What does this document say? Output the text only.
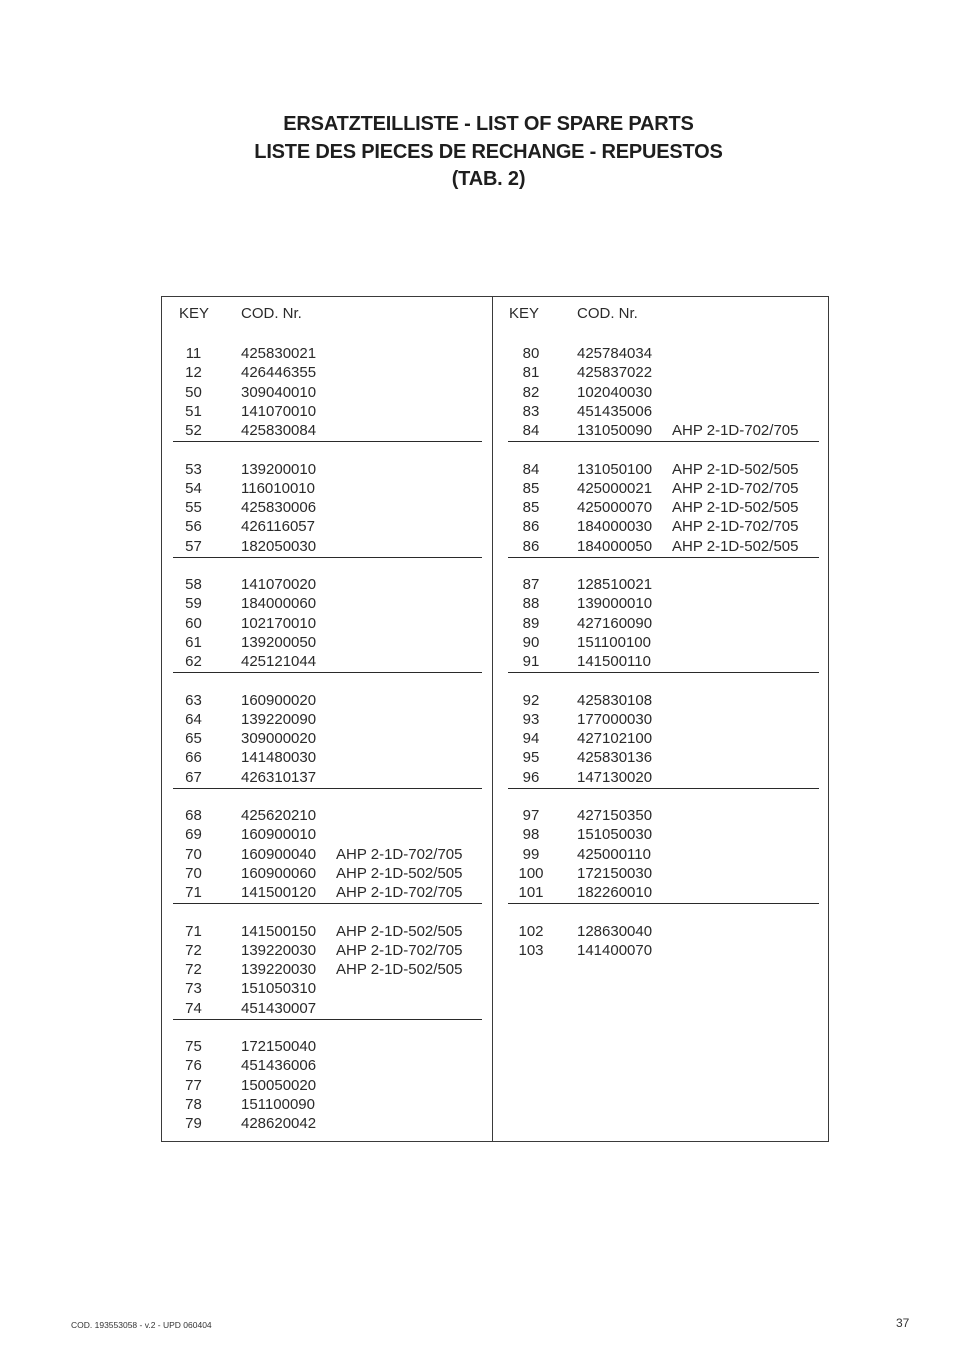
ERSATZTEILLISTE - LIST OF SPARE PARTS
LISTE DES PIECES DE RECHANGE - REPUESTOS
(TAB. 2)
KEY COD. Nr.
11	425830021
12	426446355
50	309040010
51	141070010
52	425830084
53	139200010
54	116010010
55	425830006
56	426116057
57	182050030
58	141070020
59	184000060
60	102170010
61	139200050
62	425121044
63	160900020
64	139220090
65	309000020
66	141480030
67	426310137
68	425620210
69	160900010
70	160900040 AHP 2-1D-702/705
70	160900060 AHP 2-1D-502/505
71	141500120 AHP 2-1D-702/705
71	141500150 AHP 2-1D-502/505
72	139220030 AHP 2-1D-702/705
72	139220030 AHP 2-1D-502/505
73	151050310
74	451430007
75	172150040
76	451436006
77	150050020
78	151100090
79	428620042
KEY	COD. Nr.
80	425784034
81	425837022
82	102040030
83	451435006
84	131050090 AHP 2-1D-702/705
84	131050100 AHP 2-1D-502/505
85	425000021 AHP 2-1D-702/705
85	425000070 AHP 2-1D-502/505
86	184000030 AHP 2-1D-702/705
86	184000050 AHP 2-1D-502/505
87	128510021
88	139000010
89	427160090
90	151100100
91	141500110
92	425830108
93	177000030
94	427102100
95	425830136
96	147130020
97	427150350
98	151050030
99	425000110
100	172150030
101	182260010
102	128630040
103	141400070
COD. 193553058 - v.2 - UPD 060404	37
